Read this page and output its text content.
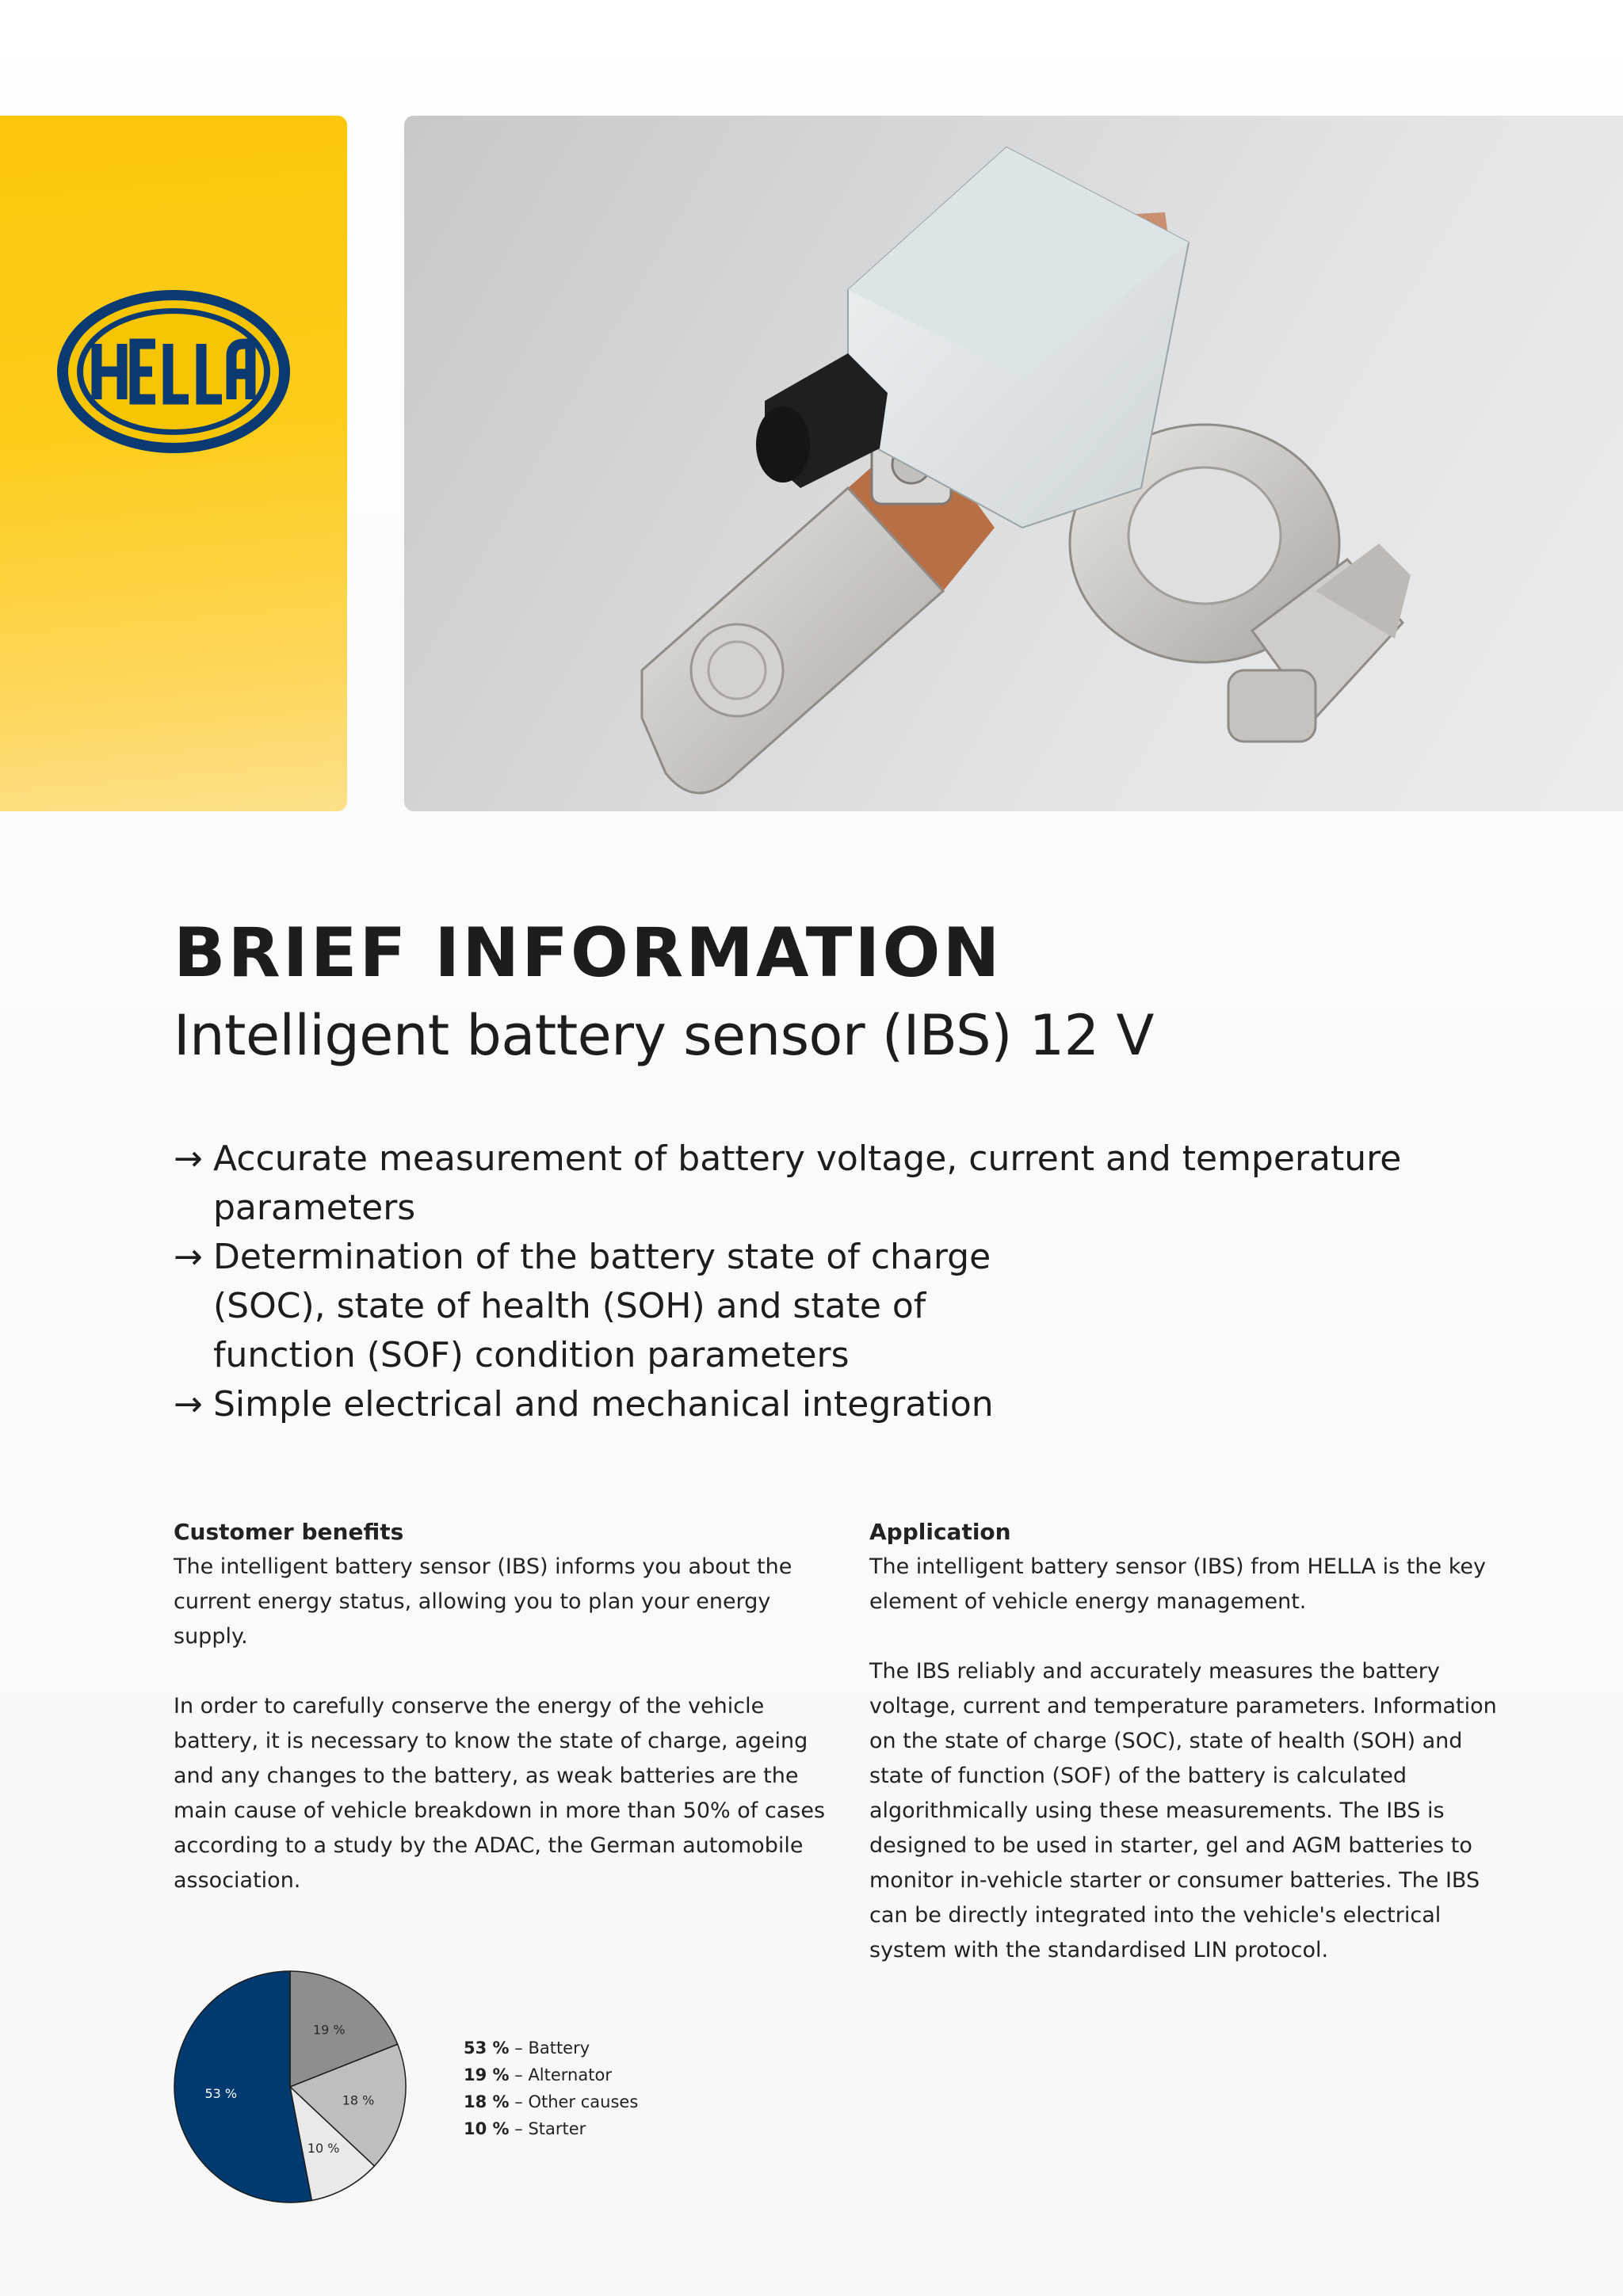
BRIEF INFORMATION
Intelligent battery sensor (IBS) 12 V
→ Accurate measurement of battery voltage, current and temperature parameters
→ Determination of the battery state of charge (SOC), state of health (SOH) and state of function (SOF) condition parameters
→ Simple electrical and mechanical integration
Customer benefits

The intelligent battery sensor (IBS) informs you about the current energy status, allowing you to plan your energy supply.

In order to carefully conserve the energy of the vehicle battery, it is necessary to know the state of charge, ageing and any changes to the battery, as weak batteries are the main cause of vehicle breakdown in more than 50% of cases according to a study by the ADAC, the German automobile association.

Application

The intelligent battery sensor (IBS) from HELLA is the key element of vehicle energy management.

The IBS reliably and accurately measures the battery voltage, current and temperature parameters. Information on the state of charge (SOC), state of health (SOH) and state of function (SOF) of the battery is calculated algorithmically using these measurements. The IBS is designed to be used in starter, gel and AGM batteries to monitor in-vehicle starter or consumer batteries. The IBS can be directly integrated into the vehicle's electrical system with the standardised LIN protocol.

19 %
18 %
10 %
53 %
53 % – Battery
19 % – Alternator
18 % – Other causes
10 % – Starter
